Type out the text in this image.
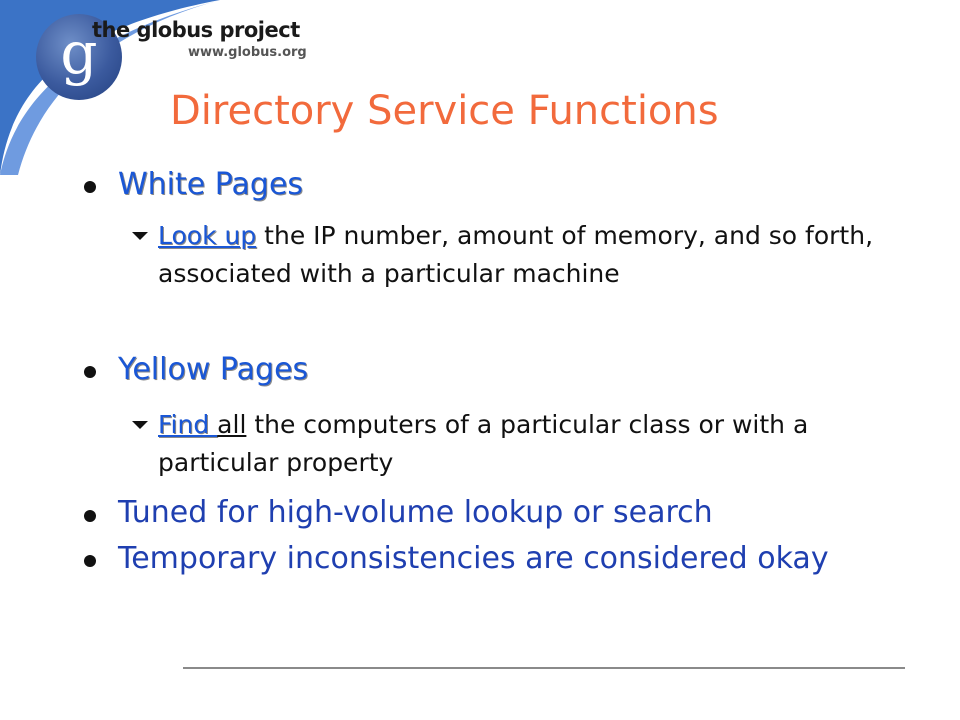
g
the globus project
www.globus.org
Directory Service Functions
White Pages
Look up the IP number, amount of memory, and so forth, associated with a particular machine
Yellow Pages
Find all the computers of a particular class or with a particular property
Tuned for high-volume lookup or search
Temporary inconsistencies are considered okay
